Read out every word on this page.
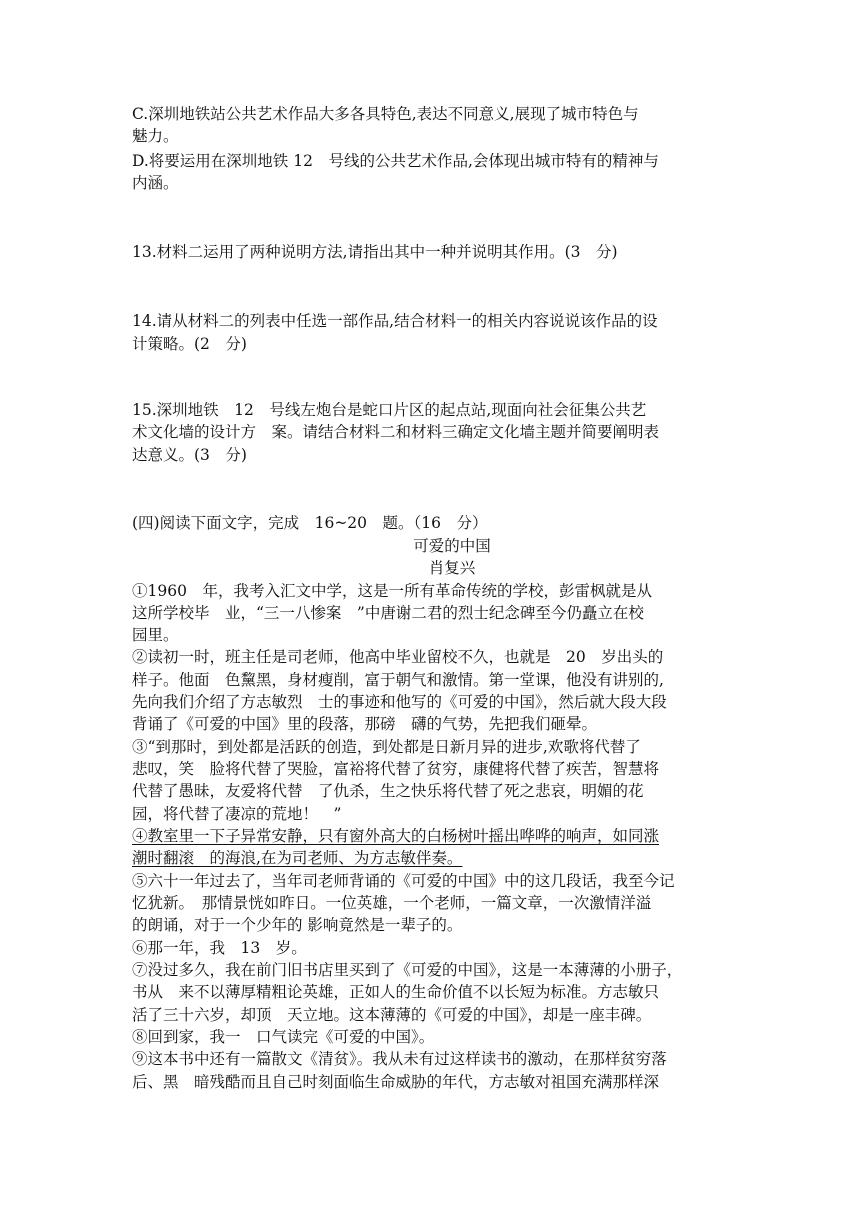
C.深圳地铁站公共艺术作品大多各具特色,表达不同意义,展现了城市特色与
魅力。
D.将要运用在深圳地铁 12　号线的公共艺术作品,会体现出城市特有的精神与
内涵。
13.材料二运用了两种说明方法,请指出其中一种并说明其作用。(3　分)
14.请从材料二的列表中任选一部作品,结合材料一的相关内容说说该作品的设
计策略。(2　分)
15.深圳地铁　12　号线左炮台是蛇口片区的起点站,现面向社会征集公共艺
术文化墙的设计方　案。请结合材料二和材料三确定文化墙主题并简要阐明表
达意义。(3　分)
(四)阅读下面文字，完成　16~20　题。（16　分）
可爱的中国
肖复兴
①1960　年，我考入汇文中学，这是一所有革命传统的学校，彭雷枫就是从
这所学校毕　业，“三一八惨案　”中唐谢二君的烈士纪念碑至今仍矗立在校
园里。
②读初一时，班主任是司老师，他高中毕业留校不久，也就是　20　岁出头的
样子。他面　色黧黑，身材瘦削，富于朝气和激情。第一堂课，他没有讲别的,
先向我们介绍了方志敏烈　士的事迹和他写的《可爱的中国》，然后就大段大段
背诵了《可爱的中国》里的段落，那磅　礴的气势，先把我们砸晕。
③“到那时，到处都是活跃的创造，到处都是日新月异的进步,欢歌将代替了
悲叹，笑　脸将代替了哭脸，富裕将代替了贫穷，康健将代替了疾苦，智慧将
代替了愚昧，友爱将代替　了仇杀，生之快乐将代替了死之悲哀，明媚的花
园，将代替了凄凉的荒地！　”
④教室里一下子异常安静，只有窗外高大的白杨树叶摇出哗哗的响声，如同涨
潮时翻滚　的海浪,在为司老师、为方志敏伴奏。
⑤六十一年过去了，当年司老师背诵的《可爱的中国》中的这几段话，我至今记
忆犹新。　那情景恍如昨日。一位英雄，一个老师，一篇文章，一次激情洋溢
的朗诵，对于一个少年的 影响竟然是一辈子的。
⑥那一年，我　13　岁。
⑦没过多久，我在前门旧书店里买到了《可爱的中国》，这是一本薄薄的小册子，
书从　来不以薄厚精粗论英雄，正如人的生命价值不以长短为标准。方志敏只
活了三十六岁，却顶　天立地。这本薄薄的《可爱的中国》，却是一座丰碑。
⑧回到家，我一　口气读完《可爱的中国》。
⑨这本书中还有一篇散文《清贫》。我从未有过这样读书的激动，在那样贫穷落
后、黑　暗残酷而且自己时刻面临生命威胁的年代，方志敏对祖国充满那样深
